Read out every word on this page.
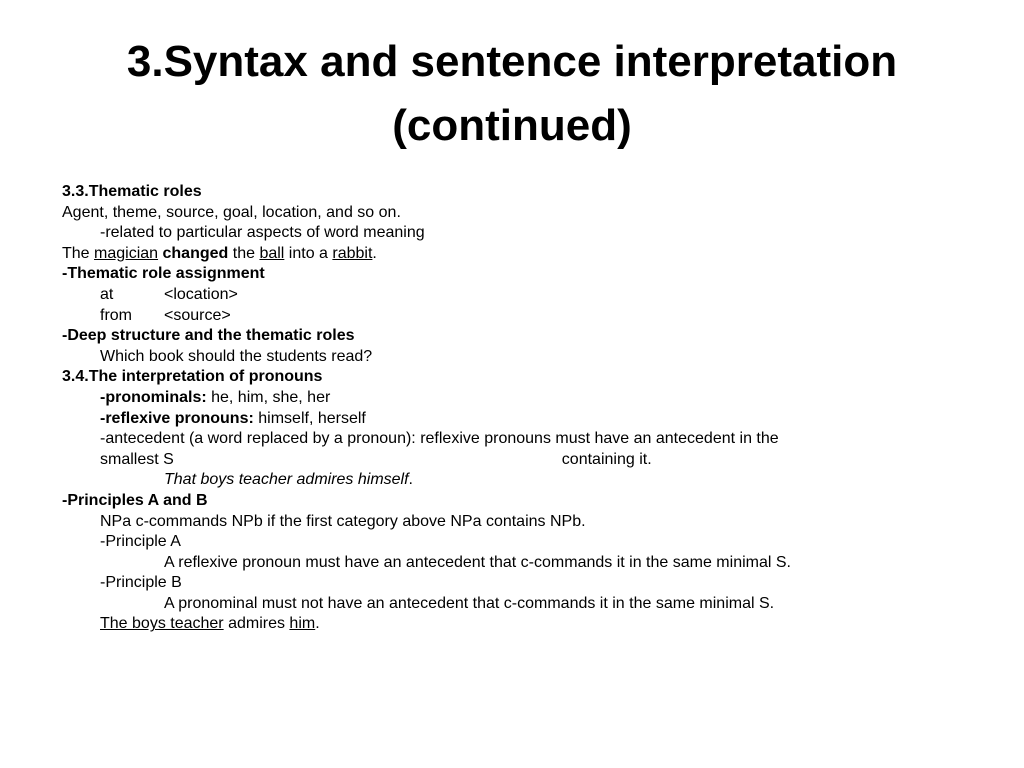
3.Syntax and sentence interpretation
(continued)
3.3.Thematic roles
Agent, theme, source, goal, location, and so on.
-related to particular aspects of word meaning
The magician changed the ball into a rabbit.
-Thematic role assignment
at	<location>
from <source>
-Deep structure and the thematic roles
Which book should the students read?
3.4.The interpretation of pronouns
-pronominals: he, him, she, her
-reflexive pronouns: himself, herself
-antecedent (a word replaced by a pronoun): reflexive pronouns must have an antecedent in the
smallest S	containing it.
That boys teacher admires himself.
-Principles A and B
NPa c-commands NPb if the first category above NPa contains NPb.
-Principle A
A reflexive pronoun must have an antecedent that c-commands it in the same minimal S.
-Principle B
A pronominal must not have an antecedent that c-commands it in the same minimal S.
The boys teacher admires him.
